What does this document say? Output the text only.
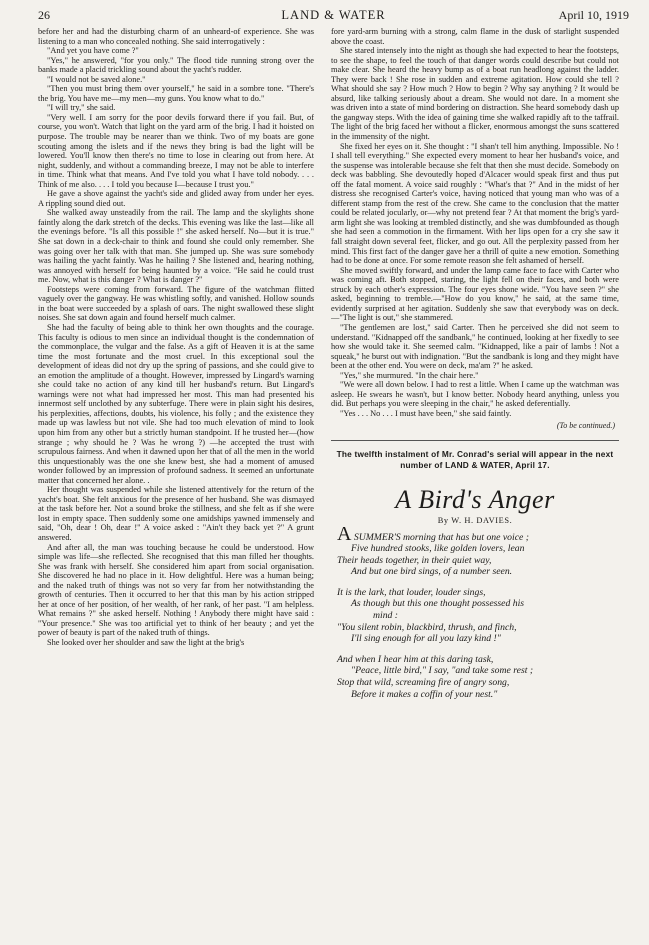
26	LAND & WATER	April 10, 1919

before her and had the disturbing charm of an unheard-of experience. She was listening to a man who concealed nothing. She said interrogatively :

"And yet you have come ?"

"Yes," he answered, "for you only." The flood tide running strong over the banks made a placid trickling sound about the yacht's rudder.

"I would not be saved alone."

"Then you must bring them over yourself," he said in a sombre tone. "There's the brig. You have me—my men—my guns. You know what to do."

"I will try," she said.

"Very well. I am sorry for the poor devils forward there if you fail. But, of course, you won't. Watch that light on the yard arm of the brig. I had it hoisted on purpose. The trouble may be nearer than we think. Two of my boats are gone scouting among the islets and if the news they bring is bad the light will be lowered. You'll know then there's no time to lose in clearing out from here. At night, suddenly, and without a commanding breeze, I may not be able to interfere in time. Think what that means. And I've told you what I have told nobody. . . . Think of me also. . . . I told you because I—because I trust you."

He gave a shove against the yacht's side and glided away from under her eyes. A rippling sound died out.

She walked away unsteadily from the rail. The lamp and the skylights shone faintly along the dark stretch of the decks. This evening was like the last—like all the evenings before. "Is all this possible !" she asked herself. No—but it is true." She sat down in a deck-chair to think and found she could only remember. She was going over her talk with that man. She jumped up. She was sure somebody was hailing the yacht faintly. Was he hailing ? She listened and, hearing nothing, was annoyed with herself for being haunted by a voice. "He said he could trust me. Now, what is this danger ? What is danger ?"

Footsteps were coming from forward. The figure of the watchman flitted vaguely over the gangway. He was whistling softly, and vanished. Hollow sounds in the boat were succeeded by a splash of oars. The night swallowed these slight noises. She sat down again and found herself much calmer.

She had the faculty of being able to think her own thoughts and the courage. This faculty is odious to men since an individual thought is the condemnation of the commonplace, the vulgar and the false. As a gift of Heaven it is at the same time the most fortunate and the most cruel. In this exceptional soul the development of ideas did not dry up the spring of passions, and she could give to an emotion the amplitude of a thought. However, impressed by Lingard's warning she could take no action of any kind till her husband's return. But Lingard's warnings were not what had impressed her most. This man had presented his innermost self unclothed by any subterfuge. There were in plain sight his desires, his perplexities, affections, doubts, his violence, his folly ; and the existence they made up was lawless but not vile. She had too much elevation of mind to look upon him from any other but a strictly human standpoint. If he trusted her—(how strange ; why should he ? Was he wrong ?) —he accepted the trust with scrupulous fairness. And when it dawned upon her that of all the men in the world this unquestionably was the one she knew best, she had a moment of amused wonder followed by an impression of profound sadness. It seemed an unfortunate matter that concerned her alone. .

Her thought was suspended while she listened attentively for the return of the yacht's boat. She felt anxious for the presence of her husband. She was dismayed at the task before her. Not a sound broke the stillness, and she felt as if she were lost in empty space. Then suddenly some one amidships yawned immensely and said, "Oh, dear ! Oh, dear !" A voice asked : "Ain't they back yet ?" A grunt answered.

And after all, the man was touching because he could be understood. How simple was life—she reflected. She recognised that this man filled her thoughts. She was frank with herself. She considered him apart from social organisation. She discovered he had no place in it. How delightful. Here was a human being; and the naked truth of things was not so very far from her notwithstanding the growth of centuries. Then it occurred to her that this man by his action stripped her at once of her position, of her wealth, of her rank, of her past. "I am helpless. What remains ?" she asked herself. Nothing ! Anybody there might have said : "Your presence." She was too artificial yet to think of her beauty ; and yet the power of beauty is part of the naked truth of things.

She looked over her shoulder and saw the light at the brig's

fore yard-arm burning with a strong, calm flame in the dusk of starlight suspended above the coast.

She stared intensely into the night as though she had expected to hear the footsteps, to see the shape, to feel the touch of that danger words could describe but could not make clear. She heard the heavy bump as of a boat run headlong against the ladder. They were back ! She rose in sudden and extreme agitation. How could she tell ? What should she say ? How much ? How to begin ? Why say anything ? It would be absurd, like talking seriously about a dream. She would not dare. In a moment she was driven into a state of mind bordering on distraction. She heard somebody dash up the gangway steps. With the idea of gaining time she walked rapidly aft to the taffrail. The light of the brig faced her without a flicker, enormous amongst the suns scattered in the immensity of the night.

She fixed her eyes on it. She thought : "I shan't tell him anything. Impossible. No ! I shall tell everything." She expected every moment to hear her husband's voice, and the suspense was intolerable because she felt that then she must decide. Somebody on deck was babbling. She devoutedly hoped d'Alcacer would speak first and thus put off the fatal moment. A voice said roughly : "What's that ?" And in the midst of her distress she recognised Carter's voice, having noticed that young man who was of a different stamp from the rest of the crew. She came to the conclusion that the matter could be related jocularly, or—why not pretend fear ? At that moment the brig's yard-arm light she was looking at trembled distinctly, and she was dumbfounded as though she had seen a commotion in the firmament. With her lips open for a cry she saw it fall straight down several feet, flicker, and go out. All the perplexity passed from her mind. This first fact of the danger gave her a thrill of quite a new emotion. Something had to be done at once. For some remote reason she felt ashamed of herself.

She moved swiftly forward, and under the lamp came face to face with Carter who was coming aft. Both stopped, staring, the light fell on their faces, and both were struck by each other's expression. The four eyes shone wide. "You have seen ?" she asked, beginning to tremble.—"How do you know," he said, at the same time, evidently surprised at her agitation. Suddenly she saw that everybody was on deck.—"The light is out," she stammered.

"The gentlemen are lost," said Carter. Then he perceived she did not seem to understand. "Kidnapped off the sandbank," he continued, looking at her fixedly to see how she would take it. She seemed calm. "Kidnapped, like a pair of lambs ! Not a squeak," he burst out with indignation. "But the sandbank is long and they might have been at the other end. You were on deck, ma'am ?" he asked.

"Yes," she murmured. "In the chair here."

"We were all down below. I had to rest a little. When I came up the watchman was asleep. He swears he wasn't, but I know better. Nobody heard anything, unless you did. But perhaps you were sleeping in the chair," he asked deferentially.

"Yes . . . No . . . I must have been," she said faintly.

(To be continued.)
The twelfth instalment of Mr. Conrad's serial will appear in the next number of LAND & WATER, April 17.
A Bird's Anger
By W. H. DAVIES.
A SUMMER'S morning that has but one voice ;
Five hundred stooks, like golden lovers, lean
Their heads together, in their quiet way,
And but one bird sings, of a number seen.
It is the lark, that louder, louder sings,
As though but this one thought possessed his
mind :
"You silent robin, blackbird, thrush, and finch,
I'll sing enough for all you lazy kind !"
And when I hear him at this daring task,
"Peace, little bird," I say, "and take some rest ;
Stop that wild, screaming fire of angry song,
Before it makes a coffin of your nest."
